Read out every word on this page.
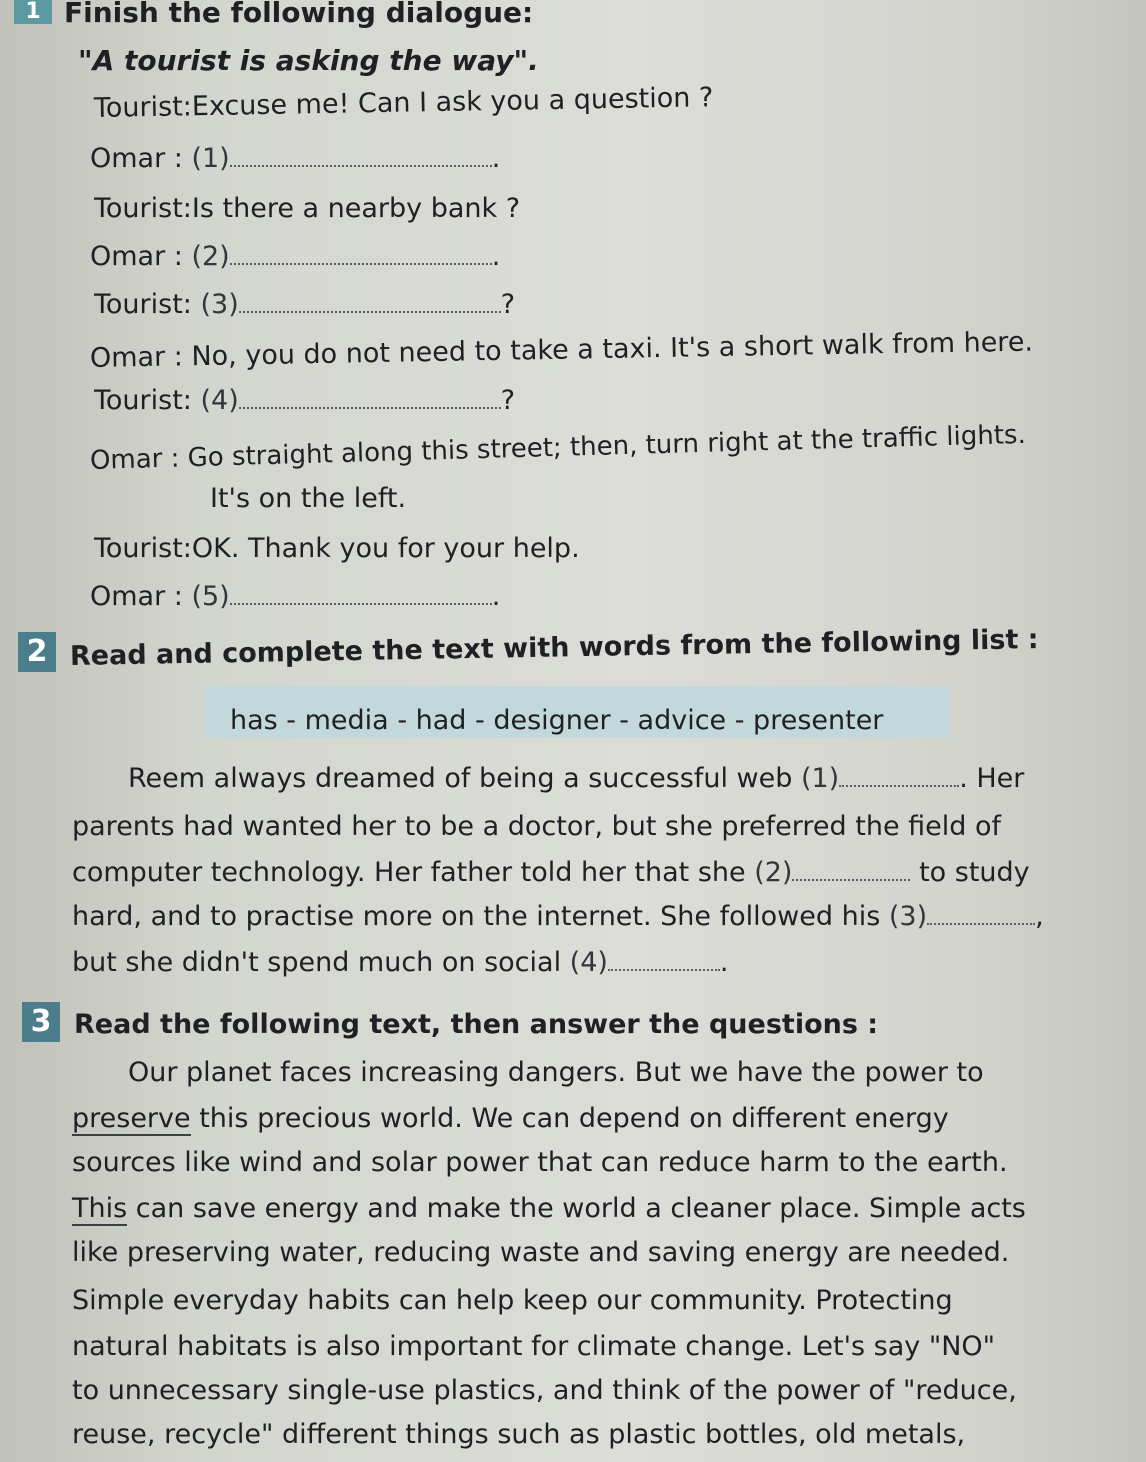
1 Finish the following dialogue:
"A tourist is asking the way".
Tourist:Excuse me! Can I ask you a question ?
Omar : (1)	.
Tourist:Is there a nearby bank ?
Omar : (2)	.
Tourist: (3)	?
Omar : No, you do not need to take a taxi. It's a short walk from here.
Tourist: (4)	?
Omar : Go straight along this street; then, turn right at the traffic lights.
It's on the left.
Tourist:OK. Thank you for your help.
Omar : (5)	.
2 Read and complete the text with words from the following list :
has - media - had - designer - advice - presenter
Reem always dreamed of being a successful web (1)	. Her
parents had wanted her to be a doctor, but she preferred the field of
computer technology. Her father told her that she (2)	to study
hard, and to practise more on the internet. She followed his (3)	,
but she didn't spend much on social (4)	.
3 Read the following text, then answer the questions :
Our planet faces increasing dangers. But we have the power to
preserve this precious world. We can depend on different energy
sources like wind and solar power that can reduce harm to the earth.
This can save energy and make the world a cleaner place. Simple acts
like preserving water, reducing waste and saving energy are needed.
Simple everyday habits can help keep our community. Protecting
natural habitats is also important for climate change. Let's say "NO"
to unnecessary single-use plastics, and think of the power of "reduce,
reuse, recycle" different things such as plastic bottles, old metals,
